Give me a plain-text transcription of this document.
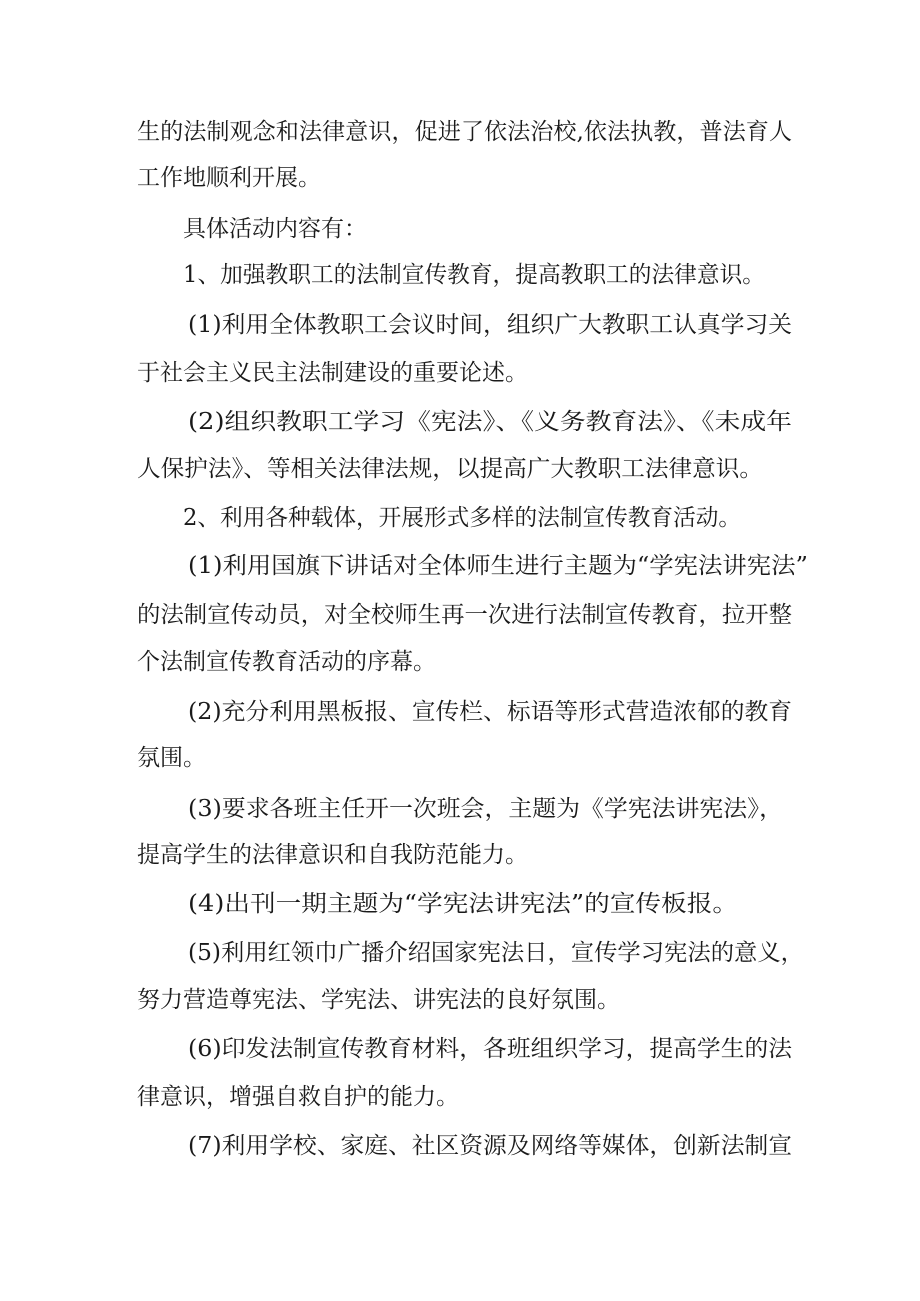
生的法制观念和法律意识，促进了依法治校,依法执教，普法育人

工作地顺利开展。

具体活动内容有：

1、加强教职工的法制宣传教育，提高教职工的法律意识。

(1)利用全体教职工会议时间，组织广大教职工认真学习关

于社会主义民主法制建设的重要论述。

(2)组织教职工学习《宪法》、《义务教育法》、《未成年

人保护法》、等相关法律法规，以提高广大教职工法律意识。

2、利用各种载体，开展形式多样的法制宣传教育活动。

(1)利用国旗下讲话对全体师生进行主题为“学宪法讲宪法”

的法制宣传动员，对全校师生再一次进行法制宣传教育，拉开整

个法制宣传教育活动的序幕。

(2)充分利用黑板报、宣传栏、标语等形式营造浓郁的教育

氛围。

(3)要求各班主任开一次班会，主题为《学宪法讲宪法》，

提高学生的法律意识和自我防范能力。

(4)出刊一期主题为“学宪法讲宪法”的宣传板报。

(5)利用红领巾广播介绍国家宪法日，宣传学习宪法的意义，

努力营造尊宪法、学宪法、讲宪法的良好氛围。

(6)印发法制宣传教育材料，各班组织学习，提高学生的法

律意识，增强自救自护的能力。

(7)利用学校、家庭、社区资源及网络等媒体，创新法制宣
